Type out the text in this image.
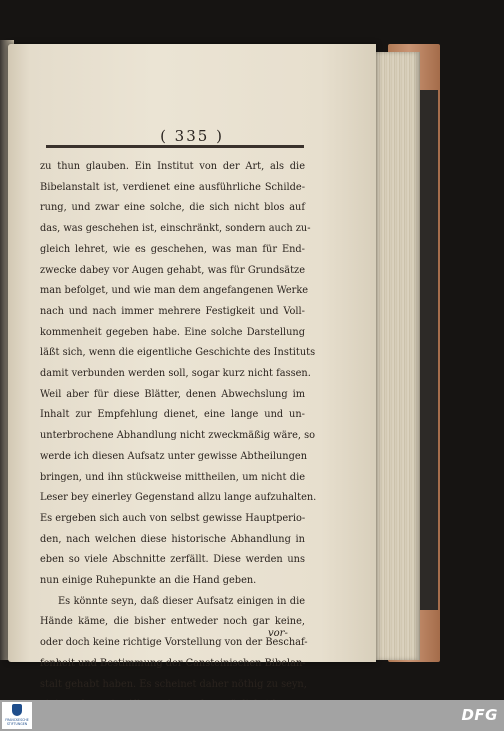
( 335 )
zu thun glauben. Ein Institut von der Art, als die
Bibelanstalt ist, verdienet eine ausführliche Schilde-
rung, und zwar eine solche, die sich nicht blos auf
das, was geschehen ist, einschränkt, sondern auch zu-
gleich lehret, wie es geschehen, was man für End-
zwecke dabey vor Augen gehabt, was für Grundsätze
man befolget, und wie man dem angefangenen Werke
nach und nach immer mehrere Festigkeit und Voll-
kommenheit gegeben habe. Eine solche Darstellung
läßt sich, wenn die eigentliche Geschichte des Instituts
damit verbunden werden soll, sogar kurz nicht fassen.
Weil aber für diese Blätter, denen Abwechslung im
Inhalt zur Empfehlung dienet, eine lange und un-
unterbrochene Abhandlung nicht zweckmäßig wäre, so
werde ich diesen Aufsatz unter gewisse Abtheilungen
bringen, und ihn stückweise mittheilen, um nicht die
Leser bey einerley Gegenstand allzu lange aufzuhalten.
Es ergeben sich auch von selbst gewisse Hauptperio-
den, nach welchen diese historische Abhandlung in
eben so viele Abschnitte zerfällt. Diese werden uns
nun einige Ruhepunkte an die Hand geben.
Es könnte seyn, daß dieser Aufsatz einigen in die
Hände käme, die bisher entweder noch gar keine,
oder doch keine richtige Vorstellung von der Beschaf-
fenheit und Bestimmung der Cansteinischen Bibelan-
stalt gehabt haben. Es scheinet daher nöthig zu seyn,
vor-
FRANCKESCHE STIFTUNGEN	DFG
